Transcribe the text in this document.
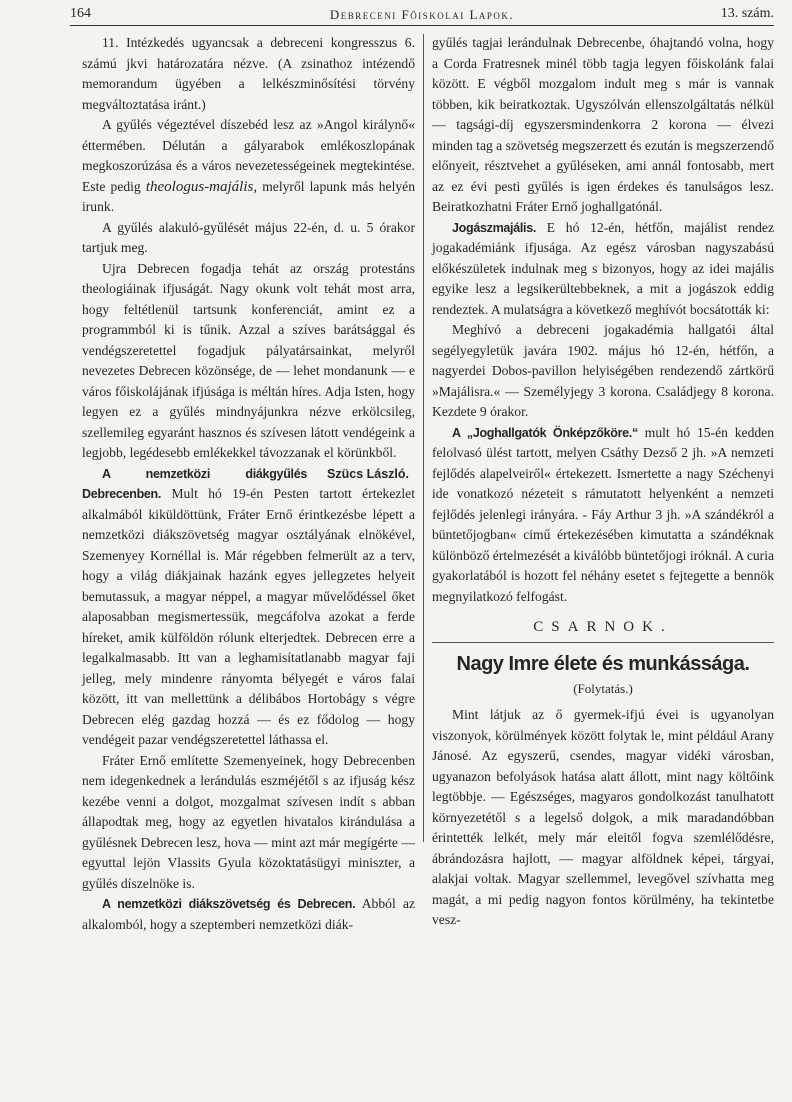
164	Debreceni Főiskolai Lapok.	13. szám.

11. Intézkedés ugyancsak a debreceni kongresszus 6. számú jkvi határozatára nézve. (A zsinathoz intézendő memorandum ügyében a lelkészminősítési törvény megváltoztatása iránt.)

A gyűlés végeztével díszebéd lesz az »Angol királynő« éttermében. Délután a gályarabok emlékoszlopának megkoszorúzása és a város nevezetességeinek megtekintése. Este pedig theologus-majális, melyről lapunk más helyén irunk.

A gyűlés alakuló-gyűlését május 22-én, d. u. 5 órakor tartjuk meg.

Ujra Debrecen fogadja tehát az ország protestáns theologiáinak ifjuságát. Nagy okunk volt tehát most arra, hogy feltétlenül tartsunk konferenciát, amint ez a programmból ki is tűnik. Azzal a szíves barátsággal és vendégszeretettel fogadjuk pályatársainkat, melyről nevezetes Debrecen közönsége, de — lehet mondanunk — e város főiskolájának ifjúsága is méltán híres. Adja Isten, hogy legyen ez a gyűlés mindnyájunkra nézve erkölcsileg, szellemileg egyaránt hasznos és szívesen látott vendégeink a legjobb, legédesebb emlékekkel távozzanak el körünkből.
Szücs László.

A nemzetközi diákgyűlés Debrecenben. Mult hó 19-én Pesten tartott értekezlet alkalmából kiküldöttünk, Fráter Ernő érintkezésbe lépett a nemzetközi diákszövetség magyar osztályának elnökével, Szemenyey Kornéllal is. Már régebben felmerült az a terv, hogy a világ diákjainak hazánk egyes jellegzetes helyeit bemutassuk, a magyar néppel, a magyar művelődéssel őket alaposabban megismertessük, megcáfolva azokat a ferde híreket, amik külföldön rólunk elterjedtek. Debrecen erre a legalkalmasabb. Itt van a leghamisítatlanabb magyar faji jelleg, mely mindenre rányomta bélyegét e város falai között, itt van mellettünk a délibábos Hortobágy s végre Debrecen elég gazdag hozzá — és ez fődolog — hogy vendégeit pazar vendégszeretettel láthassa el.

Fráter Ernő említette Szemenyeinek, hogy Debrecenben nem idegenkednek a lerándulás eszméjétől s az ifjuság kész kezébe venni a dolgot, mozgalmat szívesen indít s abban állapodtak meg, hogy az egyetlen hivatalos kirándulása a gyűlésnek Debrecen lesz, hova — mint azt már megígérte — egyuttal lejön Vlassits Gyula közoktatásügyi miniszter, a gyűlés díszelnöke is.

A nemzetközi diákszövetség és Debrecen. Abból az alkalomból, hogy a szeptemberi nemzetközi diák-

gyűlés tagjai lerándulnak Debrecenbe, óhajtandó volna, hogy a Corda Fratresnek minél több tagja legyen főiskolánk falai között. E végből mozgalom indult meg s már is vannak többen, kik beiratkoztak. Ugyszólván ellenszolgáltatás nélkül — tagsági-díj egyszersmindenkorra 2 korona — élvezi minden tag a szövetség megszerzett és ezután is megszerzendő előnyeit, résztvehet a gyűléseken, ami annál fontosabb, mert az ez évi pesti gyűlés is igen érdekes és tanulságos lesz. Beiratkozhatni Fráter Ernő joghallgatónál.

Jogászmajális. E hó 12-én, hétfőn, majálist rendez jogakadémiánk ifjusága. Az egész városban nagyszabású előkészületek indulnak meg s bizonyos, hogy az idei majális egyike lesz a legsikerültebbeknek, a mit a jogászok eddig rendeztek. A mulatságra a következő meghívót bocsátották ki:

Meghívó a debreceni jogakadémia hallgatói által segélyegyletük javára 1902. május hó 12-én, hétfőn, a nagyerdei Dobos-pavillon helyiségében rendezendő zártkörű »Majálisra.« — Személyjegy 3 korona. Családjegy 8 korona. Kezdete 9 órakor.

A „Joghallgatók Önképzőköre.“ mult hó 15-én kedden felolvasó ülést tartott, melyen Csáthy Dezső 2 jh. »A nemzeti fejlődés alapelveiről« értekezett. Ismertette a nagy Széchenyi ide vonatkozó nézeteit s rámutatott helyenként a nemzeti fejlődés jelenlegi irányára. - Fáy Arthur 3 jh. »A szándékról a büntetőjogban« cimű értekezésében kimutatta a szándéknak különböző értelmezését a kiválóbb büntetőjogi iróknál. A curia gyakorlatából is hozott fel néhány esetet s fejtegette a bennök megnyilatkozó felfogást.

CSARNOK.
Nagy Imre élete és munkássága.
(Folytatás.)

Mint látjuk az ő gyermek-ifjú évei is ugyanolyan viszonyok, körülmények között folytak le, mint például Arany Jánosé. Az egyszerű, csendes, magyar vidéki városban, ugyanazon befolyások hatása alatt állott, mint nagy költőink legtöbbje. — Egészséges, magyaros gondolkozást tanulhatott környezetétől s a legelső dolgok, a mik maradandóbban érintették lelkét, mely már eleitől fogva szemlélődésre, ábrándozásra hajlott, — magyar alföldnek képei, tárgyai, alakjai voltak. Magyar szellemmel, levegővel szívhatta meg magát, a mi pedig nagyon fontos körülmény, ha tekintetbe vesz-
